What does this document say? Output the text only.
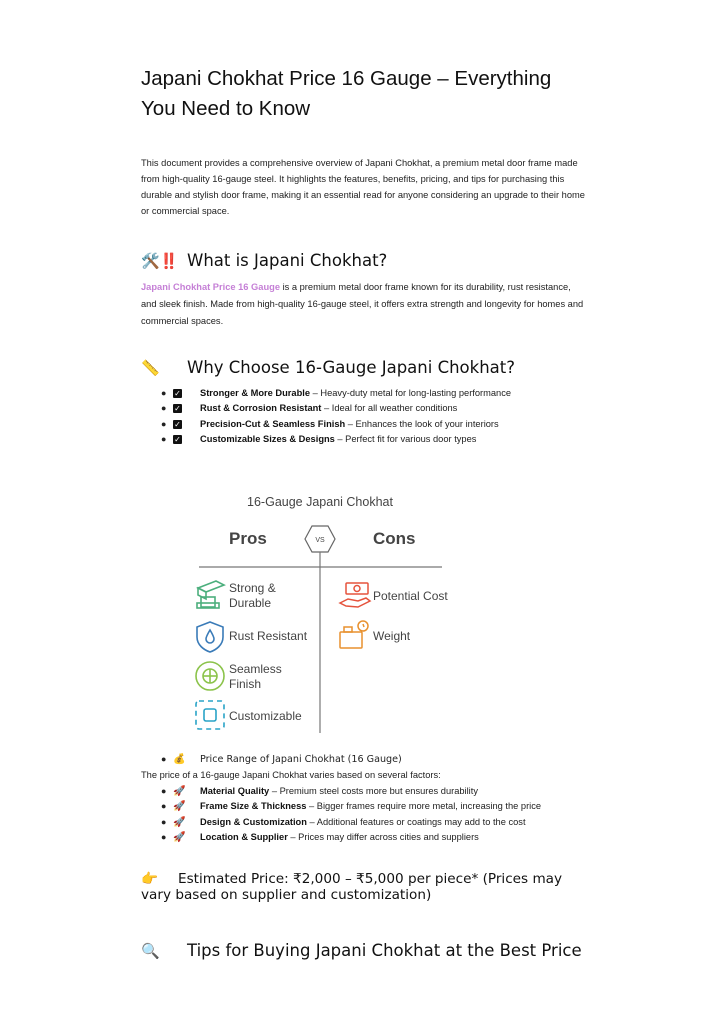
Japani Chokhat Price 16 Gauge – Everything You Need to Know
This document provides a comprehensive overview of Japani Chokhat, a premium metal door frame made from high-quality 16-gauge steel. It highlights the features, benefits, pricing, and tips for purchasing this durable and stylish door frame, making it an essential read for anyone considering an upgrade to their home or commercial space.
🛠️‼️ What is Japani Chokhat?
Japani Chokhat Price 16 Gauge is a premium metal door frame known for its durability, rust resistance, and sleek finish. Made from high-quality 16-gauge steel, it offers extra strength and longevity for homes and commercial spaces.
📏 Why Choose 16-Gauge Japani Chokhat?
● ✓ Stronger & More Durable – Heavy-duty metal for long-lasting performance
● ✓ Rust & Corrosion Resistant – Ideal for all weather conditions
● ✓ Precision-Cut & Seamless Finish – Enhances the look of your interiors
● ✓ Customizable Sizes & Designs – Perfect fit for various door types
16-Gauge Japani Chokhat
Pros	Cons
VS
Strong &
Durable
Rust Resistant
Seamless
Finish
Customizable
Potential Cost
Weight
● 💰 Price Range of Japani Chokhat (16 Gauge)
The price of a 16-gauge Japani Chokhat varies based on several factors:
● 🚀 Material Quality – Premium steel costs more but ensures durability
● 🚀 Frame Size & Thickness – Bigger frames require more metal, increasing the price
● 🚀 Design & Customization – Additional features or coatings may add to the cost
● 🚀 Location & Supplier – Prices may differ across cities and suppliers
👉 Estimated Price: ₹2,000 – ₹5,000 per piece* (Prices may vary based on supplier and customization)
🔍 Tips for Buying Japani Chokhat at the Best Price
